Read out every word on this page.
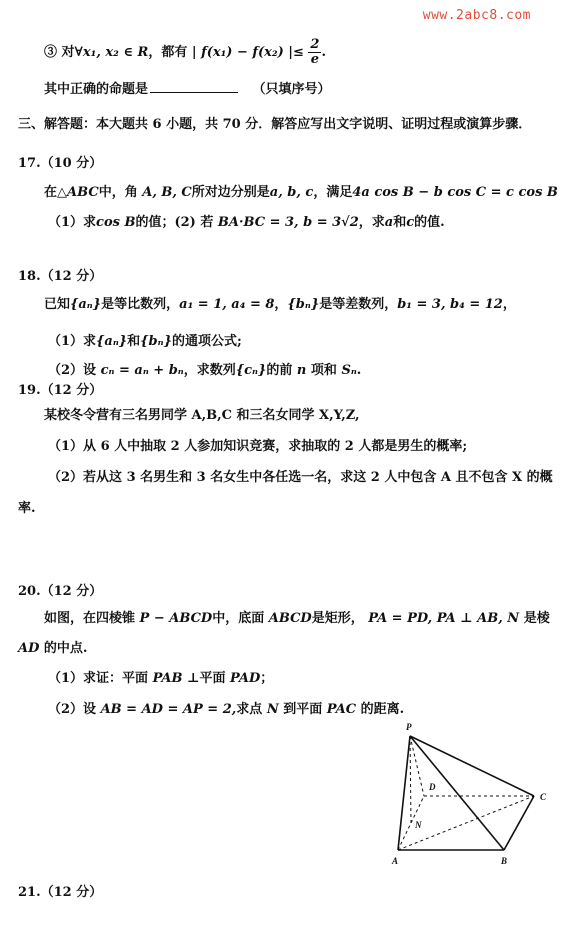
www.2abc8.com
③ 对∀x₁, x₂ ∈ R，都有 | f(x₁) − f(x₂) |≤ $\frac{2}{e}$ .
其中正确的命题是	（只填序号）
三、解答题：本大题共 6 小题，共 70 分．解答应写出文字说明、证明过程或演算步骤．
17.（10 分）
在△ABC中，角 A, B, C所对边分别是a, b, c，满足4a cos B − b cos C = c cos B
（1）求cos B的值；(2) 若 BA·BC = 3, b = 3√2，求a和c的值.
18.（12 分）
已知{aₙ}是等比数列，a₁ = 1, a₄ = 8，{bₙ}是等差数列，b₁ = 3, b₄ = 12，
（1）求{aₙ}和{bₙ}的通项公式;
（2）设 cₙ = aₙ + bₙ，求数列{cₙ}的前 n 项和 Sₙ.
19.（12 分）
某校冬令营有三名男同学 A,B,C 和三名女同学 X,Y,Z,
（1）从 6 人中抽取 2 人参加知识竞赛，求抽取的 2 人都是男生的概率;
（2）若从这 3 名男生和 3 名女生中各任选一名，求这 2 人中包含 A 且不包含 X 的概
率.
20.（12 分）
如图，在四棱锥 P − ABCD中，底面 ABCD是矩形， PA = PD, PA ⊥ AB, N 是棱
AD 的中点.
（1）求证：平面 PAB ⊥平面 PAD；
（2）设 AB = AD = AP = 2,求点 N 到平面 PAC 的距离.
P
D
C
N
A	B
21.（12 分）
